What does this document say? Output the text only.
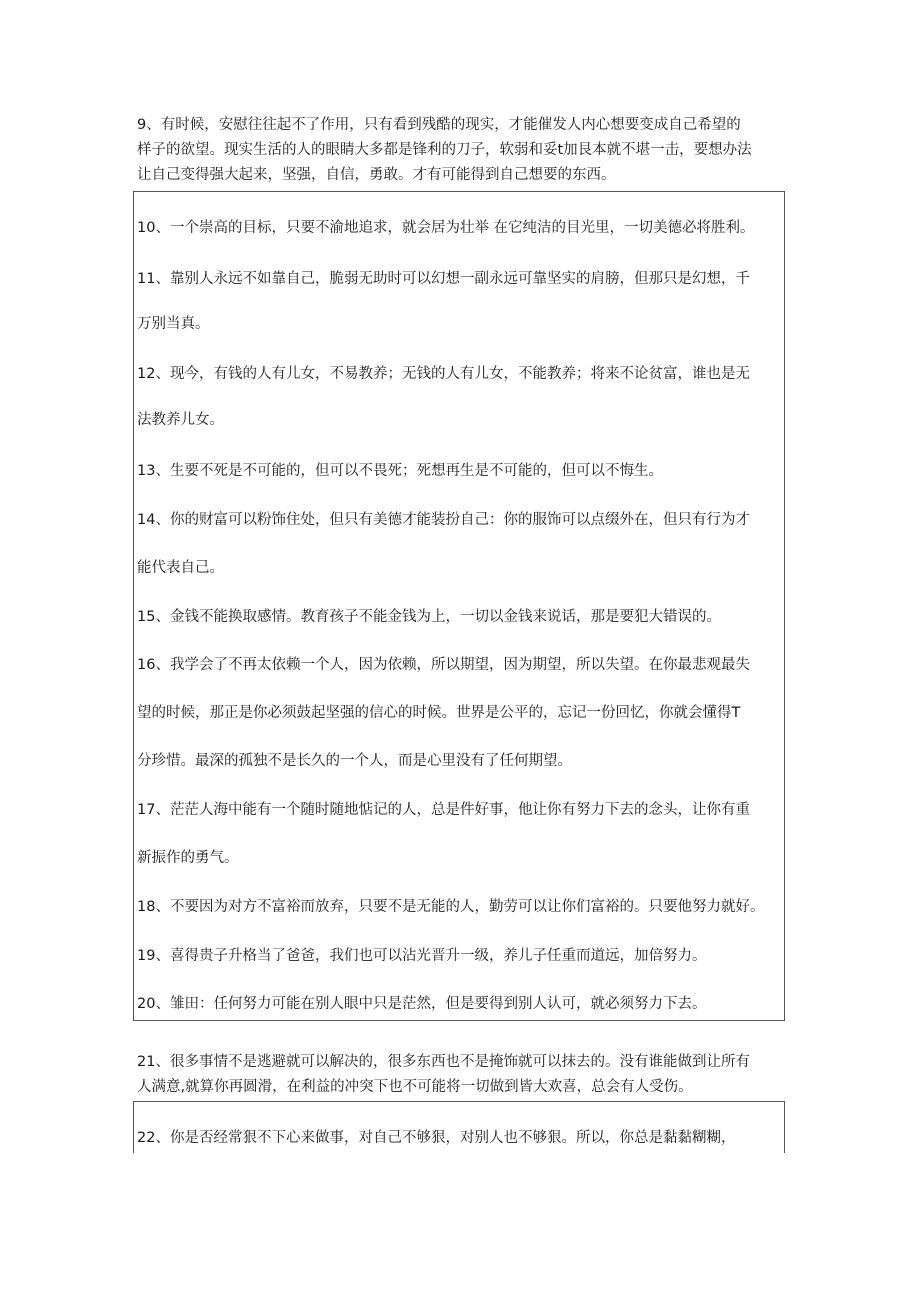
9、有时候，安慰往往起不了作用，只有看到残酷的现实，才能催发人内心想要变成自己希望的
样子的欲望。现实生活的人的眼睛大多都是锋利的刀子，软弱和妥t加艮本就不堪一击，要想办法
让自己变得强大起来，坚强，自信，勇敢。才有可能得到自己想要的东西。

10、一个崇高的目标，只要不渝地追求，就会居为壮举 在它纯洁的目光里，一切美德必将胜利。

11、靠别人永远不如靠自己，脆弱无助时可以幻想一副永远可靠坚实的肩膀，但那只是幻想，千

万别当真。

12、现今，有钱的人有儿女，不易教养；无钱的人有儿女，不能教养；将来不论贫富，谁也是无

法教养儿女。

13、生要不死是不可能的，但可以不畏死；死想再生是不可能的，但可以不悔生。

14、你的财富可以粉饰住处，但只有美德才能装扮自己：你的服饰可以点缀外在，但只有行为才

能代表自己。

15、金钱不能换取感情。教育孩子不能金钱为上，一切以金钱来说话，那是要犯大错误的。

16、我学会了不再太依赖一个人，因为依赖，所以期望，因为期望，所以失望。在你最悲观最失

望的时候，那正是你必须鼓起坚强的信心的时候。世界是公平的，忘记一份回忆，你就会懂得T

分珍惜。最深的孤独不是长久的一个人，而是心里没有了任何期望。

17、茫茫人海中能有一个随时随地惦记的人，总是件好事，他让你有努力下去的念头，让你有重

新振作的勇气。

18、不要因为对方不富裕而放弃，只要不是无能的人，勤劳可以让你们富裕的。只要他努力就好。

19、喜得贵子升格当了爸爸，我们也可以沾光晋升一级，养儿子任重而道远，加倍努力。

20、雏田：任何努力可能在别人眼中只是茫然，但是要得到别人认可，就必须努力下去。

21、很多事情不是逃避就可以解决的，很多东西也不是掩饰就可以抹去的。没有谁能做到让所有
人满意,就算你再圆滑，在利益的冲突下也不可能将一切做到皆大欢喜，总会有人受伤。

22、你是否经常狠不下心来做事，对自己不够狠，对别人也不够狠。所以，你总是黏黏糊糊，
